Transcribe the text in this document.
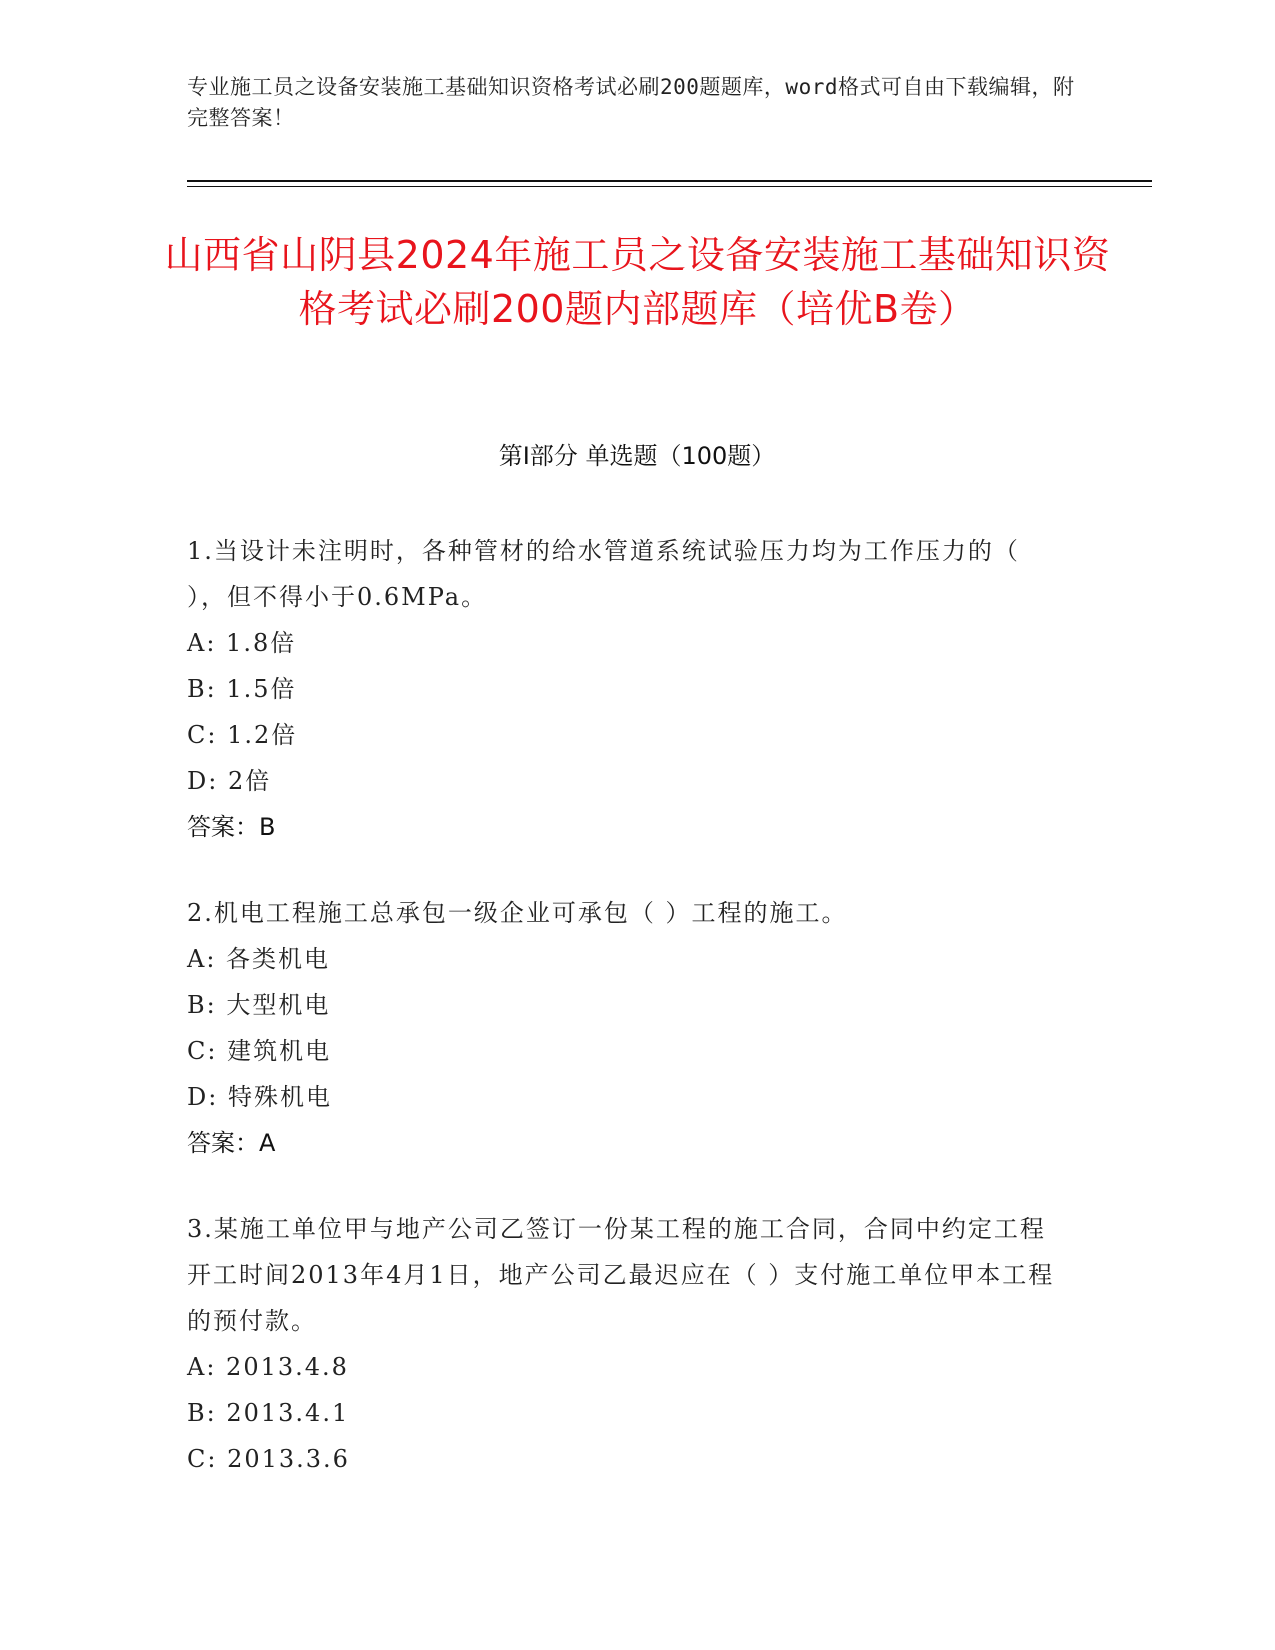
专业施工员之设备安装施工基础知识资格考试必刷200题题库，word格式可自由下载编辑，附完整答案！
山西省山阴县2024年施工员之设备安装施工基础知识资格考试必刷200题内部题库（培优B卷）
第Ⅰ部分 单选题（100题）
1.当设计未注明时，各种管材的给水管道系统试验压力均为工作压力的（ ），但不得小于0.6MPa。
A: 1.8倍
B: 1.5倍
C: 1.2倍
D: 2倍
答案：B
2.机电工程施工总承包一级企业可承包（ ）工程的施工。
A: 各类机电
B: 大型机电
C: 建筑机电
D: 特殊机电
答案：A
3.某施工单位甲与地产公司乙签订一份某工程的施工合同，合同中约定工程开工时间2013年4月1日，地产公司乙最迟应在（ ）支付施工单位甲本工程的预付款。
A: 2013.4.8
B: 2013.4.1
C: 2013.3.6
